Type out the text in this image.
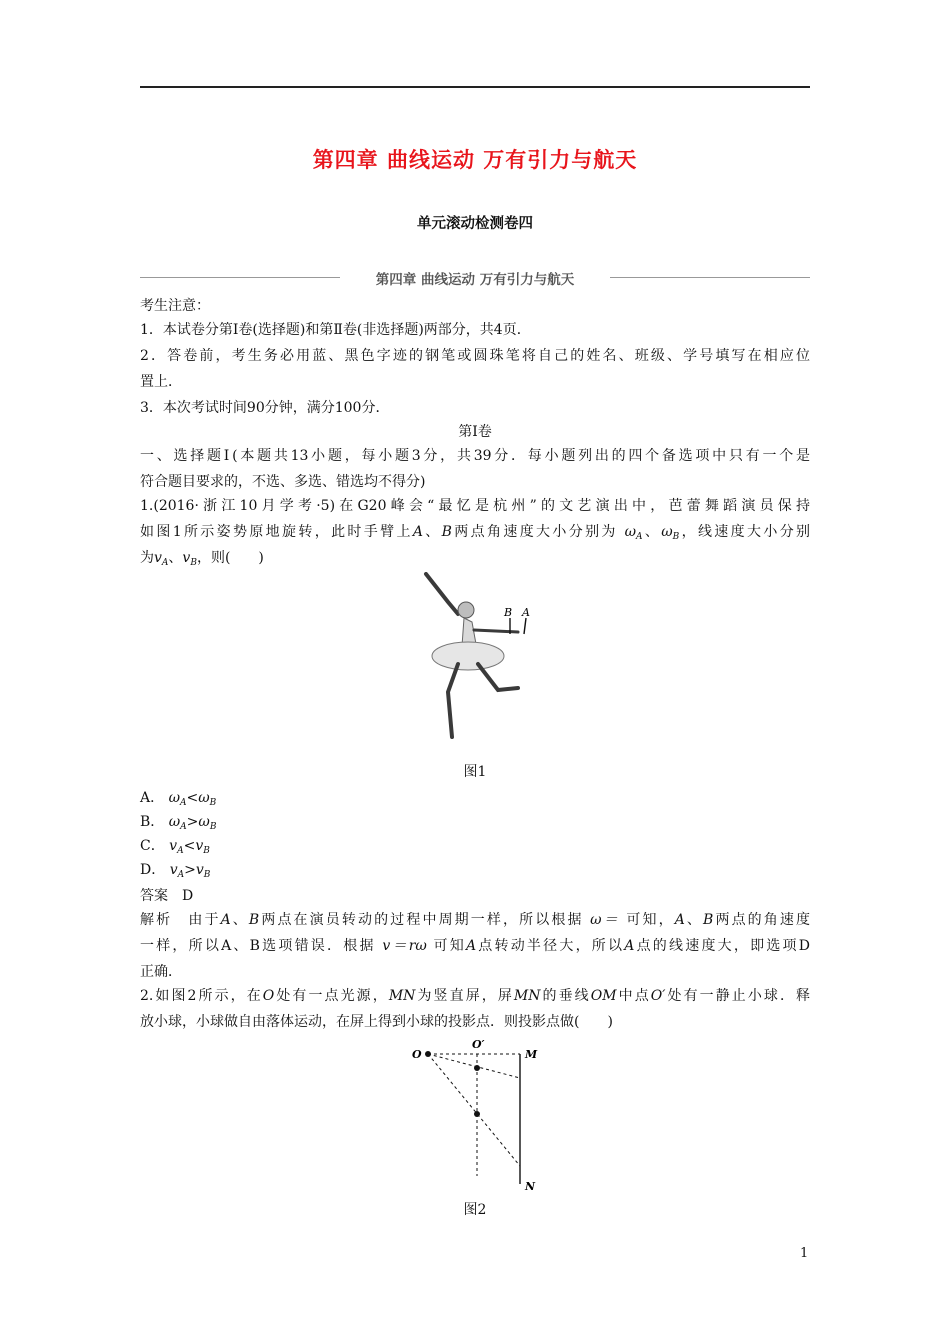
第四章 曲线运动 万有引力与航天
单元滚动检测卷四
第四章 曲线运动 万有引力与航天
考生注意：
1．本试卷分第Ⅰ卷(选择题)和第Ⅱ卷(非选择题)两部分，共4页．
2．答卷前，考生务必用蓝、黑色字迹的钢笔或圆珠笔将自己的姓名、班级、学号填写在相应位
置上．
3．本次考试时间90分钟，满分100分．
第Ⅰ卷
一、选择题Ⅰ(本题共13小题，每小题3分，共39分．每小题列出的四个备选项中只有一个是
符合题目要求的，不选、多选、错选均不得分)
1.(2016·浙江10月学考·5)在G20峰会“最忆是杭州”的文艺演出中，芭蕾舞蹈演员保持
如图1所示姿势原地旋转，此时手臂上A、B两点角速度大小分别为 $\omega_A$、$\omega_B$，线速度大小分别
为$v_A$、$v_B$，则(　　)
B A
图1
A． $\omega_A<\omega_B$
B． $\omega_A>\omega_B$
C． $v_A<v_B$
D． $v_A>v_B$
答案　D
解析　由于A、B两点在演员转动的过程中周期一样，所以根据 ω＝ 可知，A、B两点的角速度
一样，所以A、B选项错误．根据 v＝rω 可知A点转动半径大，所以A点的线速度大，即选项D
正确．
2.如图2所示，在O处有一点光源，MN为竖直屏，屏MN的垂线OM中点O′处有一静止小球．释
放小球，小球做自由落体运动，在屏上得到小球的投影点．则投影点做(　　)
O
O′
M
N
图2
1
